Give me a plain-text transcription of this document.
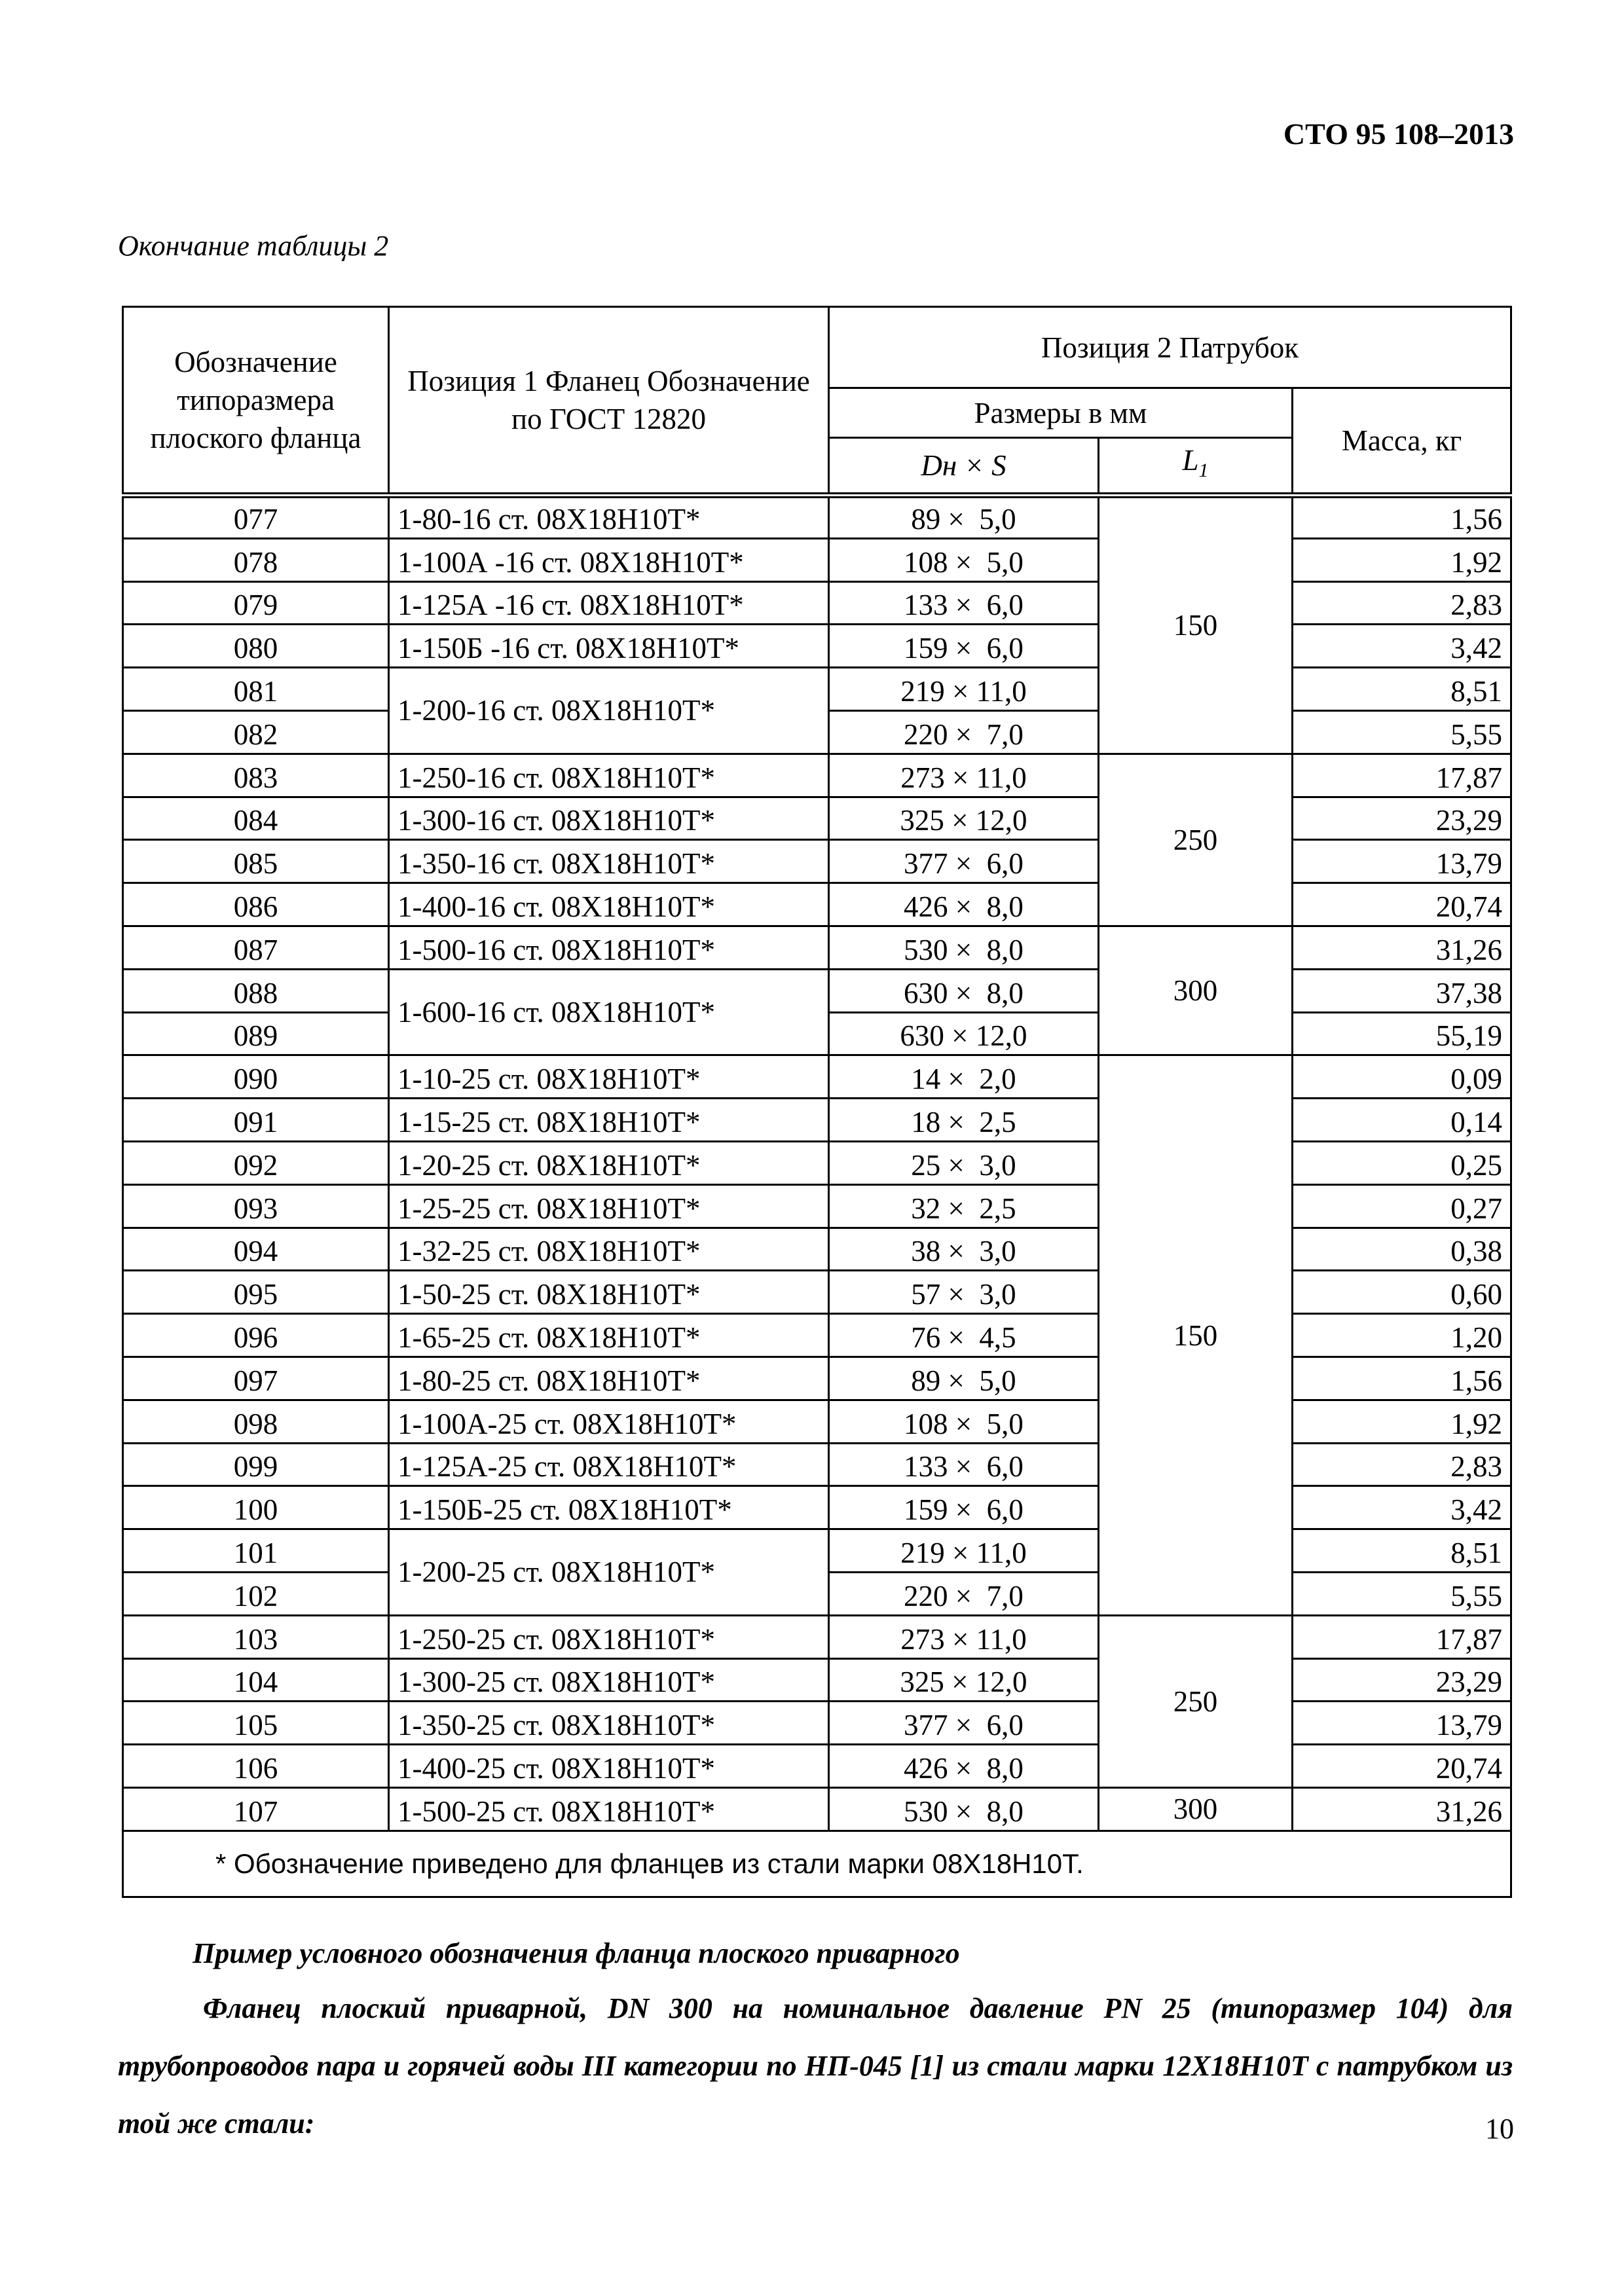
СТО 95 108–2013
Окончание таблицы 2
Обозначение типоразмера плоского фланца	Позиция 1 Фланец Обозначение по ГОСТ 12820	Позиция 2 Патрубок		
		Размеры в мм		Масса, кг
		Dн × S	$L_1$
077	1-80-16 ст. 08Х18Н10Т*	89 ×  5,0	150	1,56
078	1-100А -16 ст. 08Х18Н10Т*	108 ×  5,0		1,92
079	1-125А -16 ст. 08Х18Н10Т*	133 ×  6,0		2,83
080	1-150Б -16 ст. 08Х18Н10Т*	159 ×  6,0		3,42
081	1-200-16 ст. 08Х18Н10Т*	219 × 11,0		8,51
082		220 ×  7,0		5,55
083	1-250-16 ст. 08Х18Н10Т*	273 × 11,0	250	17,87
084	1-300-16 ст. 08Х18Н10Т*	325 × 12,0		23,29
085	1-350-16 ст. 08Х18Н10Т*	377 ×  6,0		13,79
086	1-400-16 ст. 08Х18Н10Т*	426 ×  8,0		20,74
087	1-500-16 ст. 08Х18Н10Т*	530 ×  8,0	300	31,26
088	1-600-16 ст. 08Х18Н10Т*	630 ×  8,0		37,38
089		630 × 12,0		55,19
090	1-10-25 ст. 08Х18Н10Т*	14 ×  2,0	150	0,09
091	1-15-25 ст. 08Х18Н10Т*	18 ×  2,5		0,14
092	1-20-25 ст. 08Х18Н10Т*	25 ×  3,0		0,25
093	1-25-25 ст. 08Х18Н10Т*	32 ×  2,5		0,27
094	1-32-25 ст. 08Х18Н10Т*	38 ×  3,0		0,38
095	1-50-25 ст. 08Х18Н10Т*	57 ×  3,0		0,60
096	1-65-25 ст. 08Х18Н10Т*	76 ×  4,5		1,20
097	1-80-25 ст. 08Х18Н10Т*	89 ×  5,0		1,56
098	1-100А-25 ст. 08Х18Н10Т*	108 ×  5,0		1,92
099	1-125А-25 ст. 08Х18Н10Т*	133 ×  6,0		2,83
100	1-150Б-25 ст. 08Х18Н10Т*	159 ×  6,0		3,42
101	1-200-25 ст. 08Х18Н10Т*	219 × 11,0		8,51
102		220 ×  7,0		5,55
103	1-250-25 ст. 08Х18Н10Т*	273 × 11,0	250	17,87
104	1-300-25 ст. 08Х18Н10Т*	325 × 12,0		23,29
105	1-350-25 ст. 08Х18Н10Т*	377 ×  6,0		13,79
106	1-400-25 ст. 08Х18Н10Т*	426 ×  8,0		20,74
107	1-500-25 ст. 08Х18Н10Т*	530 ×  8,0	300	31,26
* Обозначение приведено для фланцев из стали марки 08Х18Н10Т.				
Пример условного обозначения фланца плоского приварного
Фланец плоский приварной, DN 300 на номинальное давление PN 25 (типоразмер 104) для трубопроводов пара и горячей воды III категории по НП-045 [1] из стали марки 12Х18Н10Т с патрубком из той же стали:	10
